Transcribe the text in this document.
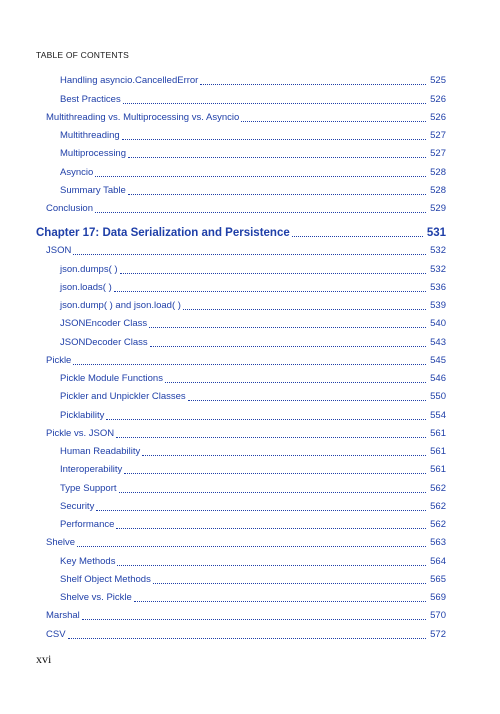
TABLE OF CONTENTS
Handling asyncio.CancelledError	525
Best Practices	526
Multithreading vs. Multiprocessing vs. Asyncio	526
Multithreading	527
Multiprocessing	527
Asyncio	528
Summary Table	528
Conclusion	529
Chapter 17: Data Serialization and Persistence	531
JSON	532
json.dumps( )	532
json.loads( )	536
json.dump( ) and json.load( )	539
JSONEncoder Class	540
JSONDecoder Class	543
Pickle	545
Pickle Module Functions	546
Pickler and Unpickler Classes	550
Picklability	554
Pickle vs. JSON	561
Human Readability	561
Interoperability	561
Type Support	562
Security	562
Performance	562
Shelve	563
Key Methods	564
Shelf Object Methods	565
Shelve vs. Pickle	569
Marshal	570
CSV	572
xvi
